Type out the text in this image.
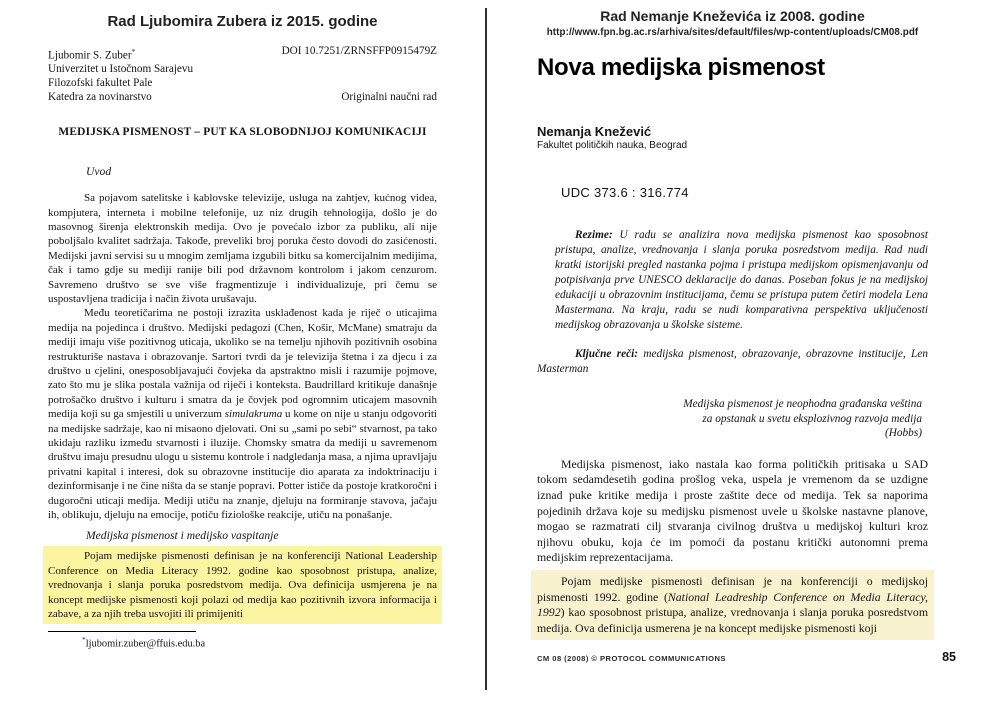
Rad Ljubomira Zubera iz 2015. godine
Ljubomir S. Zuber*
Univerzitet u Istočnom Sarajevu
Filozofski fakultet Pale
Katedra za novinarstvo
DOI 10.7251/ZRNSFFP0915479Z
Originalni naučni rad
MEDIJSKA PISMENOST – PUT KA SLOBODNIJOJ KOMUNIKACIJI
Uvod

Sa pojavom satelitske i kablovske televizije, usluga na zahtjev, kućnog videa, kompjutera, interneta i mobilne telefonije, uz niz drugih tehnologija, došlo je do masovnog širenja elektronskih medija. Ovo je povećalo izbor za publiku, ali nije poboljšalo kvalitet sadržaja. Takođe, preveliki broj poruka često dovodi do zasićenosti. Medijski javni servisi su u mnogim zemljama izgubili bitku sa komercijalnim medijima, čak i tamo gdje su mediji ranije bili pod državnom kontrolom i jakom cenzurom. Savremeno društvo se sve više fragmentizuje i individualizuje, pri čemu se uspostavljena tradicija i način života urušavaju.

Među teoretičarima ne postoji izrazita usklađenost kada je riječ o uticajima medija na pojedinca i društvo. Medijski pedagozi (Chen, Košir, McMane) smatraju da mediji imaju više pozitivnog uticaja, ukoliko se na temelju njihovih pozitivnih osobina restrukturiše nastava i obrazovanje. Sartori tvrdi da je televizija štetna i za djecu i za društvo u cjelini, onesposobljavajući čovjeka da apstraktno misli i razumije pojmove, zato što mu je slika postala važnija od riječi i konteksta. Baudrillard kritikuje današnje potrošačko društvo i kulturu i smatra da je čovjek pod ogromnim uticajem masovnih medija koji su ga smjestili u univerzum simulakruma u kome on nije u stanju odgovoriti na medijske sadržaje, kao ni misaono djelovati. Oni su „sami po sebi“ stvarnost, pa tako ukidaju razliku između stvarnosti i iluzije. Chomsky smatra da mediji u savremenom društvu imaju presudnu ulogu u sistemu kontrole i nadgledanja masa, a njima upravljaju privatni kapital i interesi, dok su obrazovne institucije dio aparata za indoktrinaciju i dezinformisanje i ne čine ništa da se stanje popravi. Potter ističe da postoje kratkoročni i dugoročni uticaji medija. Mediji utiču na znanje, djeluju na formiranje stavova, jačaju ih, oblikuju, djeluju na emocije, potiču fiziološke reakcije, utiču na ponašanje.

Medijska pismenost i medijsko vaspitanje

Pojam medijske pismenosti definisan je na konferenciji National Leadership Conference on Media Literacy 1992. godine kao sposobnost pristupa, analize, vrednovanja i slanja poruka posredstvom medija. Ova definicija usmjerena je na koncept medijske pismenosti koji polazi od medija kao pozitivnih izvora informacija i zabave, a za njih treba usvojiti ili primijeniti

*ljubomir.zuber@ffuis.edu.ba
Rad Nemanje Kneževića iz 2008. godine
http://www.fpn.bg.ac.rs/arhiva/sites/default/files/wp-content/uploads/CM08.pdf
Nova medijska pismenost
Nemanja Knežević
Fakultet političkih nauka, Beograd
UDC 373.6 : 316.774

Rezime: U radu se analizira nova medijska pismenost kao sposobnost pristupa, analize, vrednovanja i slanja poruka posredstvom medija. Rad nudi kratki istorijski pregled nastanka pojma i pristupa medijskom opismenjavanju od potpisivanja prve UNESCO deklaracije do danas. Poseban fokus je na medijskoj edukaciji u obrazovnim institucijama, čemu se pristupa putem četiri modela Lena Mastermana. Na kraju, radu se nudi komparativna perspektiva uključenosti medijskog obrazovanja u školske sisteme.

Ključne reči: medijska pismenost, obrazovanje, obrazovne institucije, Len Masterman

Medijska pismenost je neophodna građanska veština
za opstanak u svetu eksplozivnog razvoja medija
(Hobbs)

Medijska pismenost, iako nastala kao forma političkih pritisaka u SAD tokom sedamdesetih godina prošlog veka, uspela je vremenom da se uzdigne iznad puke kritike medija i proste zaštite dece od medija. Tek sa naporima pojedinih država koje su medijsku pismenost uvele u školske nastavne planove, mogao se razmatrati cilj stvaranja civilnog društva u medijskoj kulturi kroz njihovu obuku, koja će im pomoći da postanu kritički autonomni prema medijskim reprezentacijama.

Pojam medijske pismenosti definisan je na konferenciji o medijskoj pismenosti 1992. godine (National Leadreship Conference on Media Literacy, 1992) kao sposobnost pristupa, analize, vrednovanja i slanja poruka posredstvom medija. Ova definicija usmerena je na koncept medijske pismenosti koji

CM 08 (2008) © PROTOCOL COMMUNICATIONS	85
